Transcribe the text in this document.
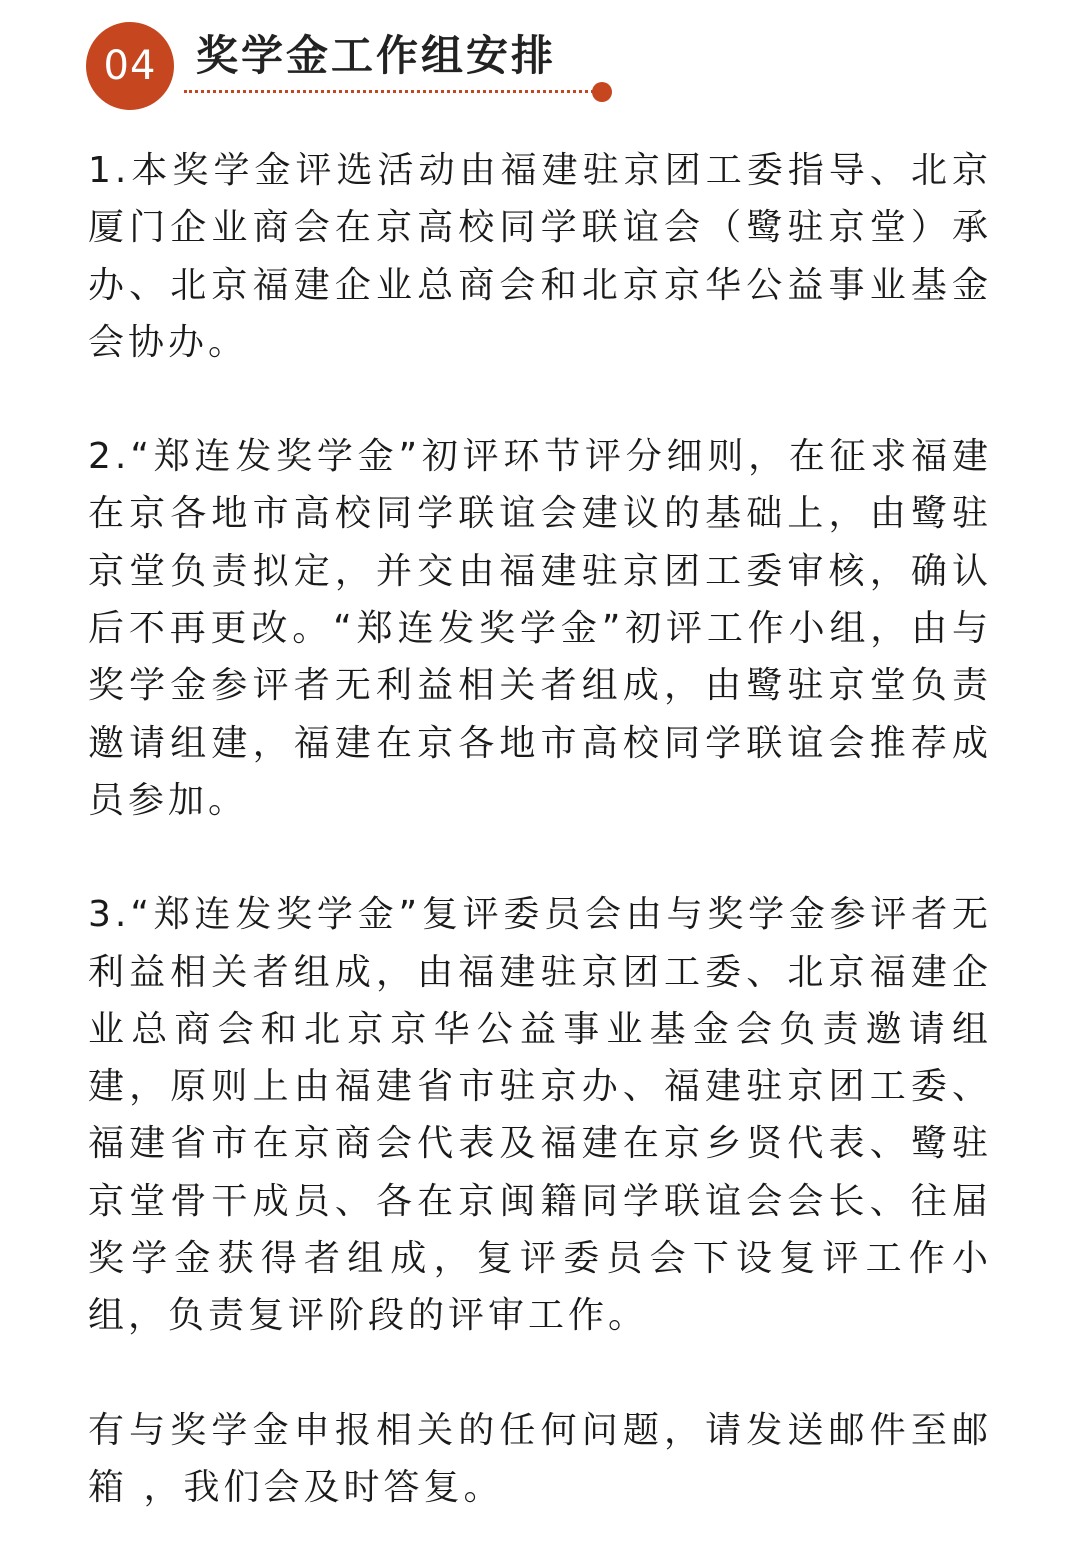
04 奖学金工作组安排

1.本奖学金评选活动由福建驻京团工委指导、北京厦门企业商会在京高校同学联谊会（鹭驻京堂）承办、北京福建企业总商会和北京京华公益事业基金会协办。

2.“郑连发奖学金”初评环节评分细则，在征求福建在京各地市高校同学联谊会建议的基础上，由鹭驻京堂负责拟定，并交由福建驻京团工委审核，确认后不再更改。“郑连发奖学金”初评工作小组，由与奖学金参评者无利益相关者组成，由鹭驻京堂负责邀请组建，福建在京各地市高校同学联谊会推荐成员参加。

3.“郑连发奖学金”复评委员会由与奖学金参评者无利益相关者组成，由福建驻京团工委、北京福建企业总商会和北京京华公益事业基金会负责邀请组建，原则上由福建省市驻京办、福建驻京团工委、福建省市在京商会代表及福建在京乡贤代表、鹭驻京堂骨干成员、各在京闽籍同学联谊会会长、往届奖学金获得者组成，复评委员会下设复评工作小组，负责复评阶段的评审工作。

有与奖学金申报相关的任何问题，请发送邮件至邮箱 ，我们会及时答复。
